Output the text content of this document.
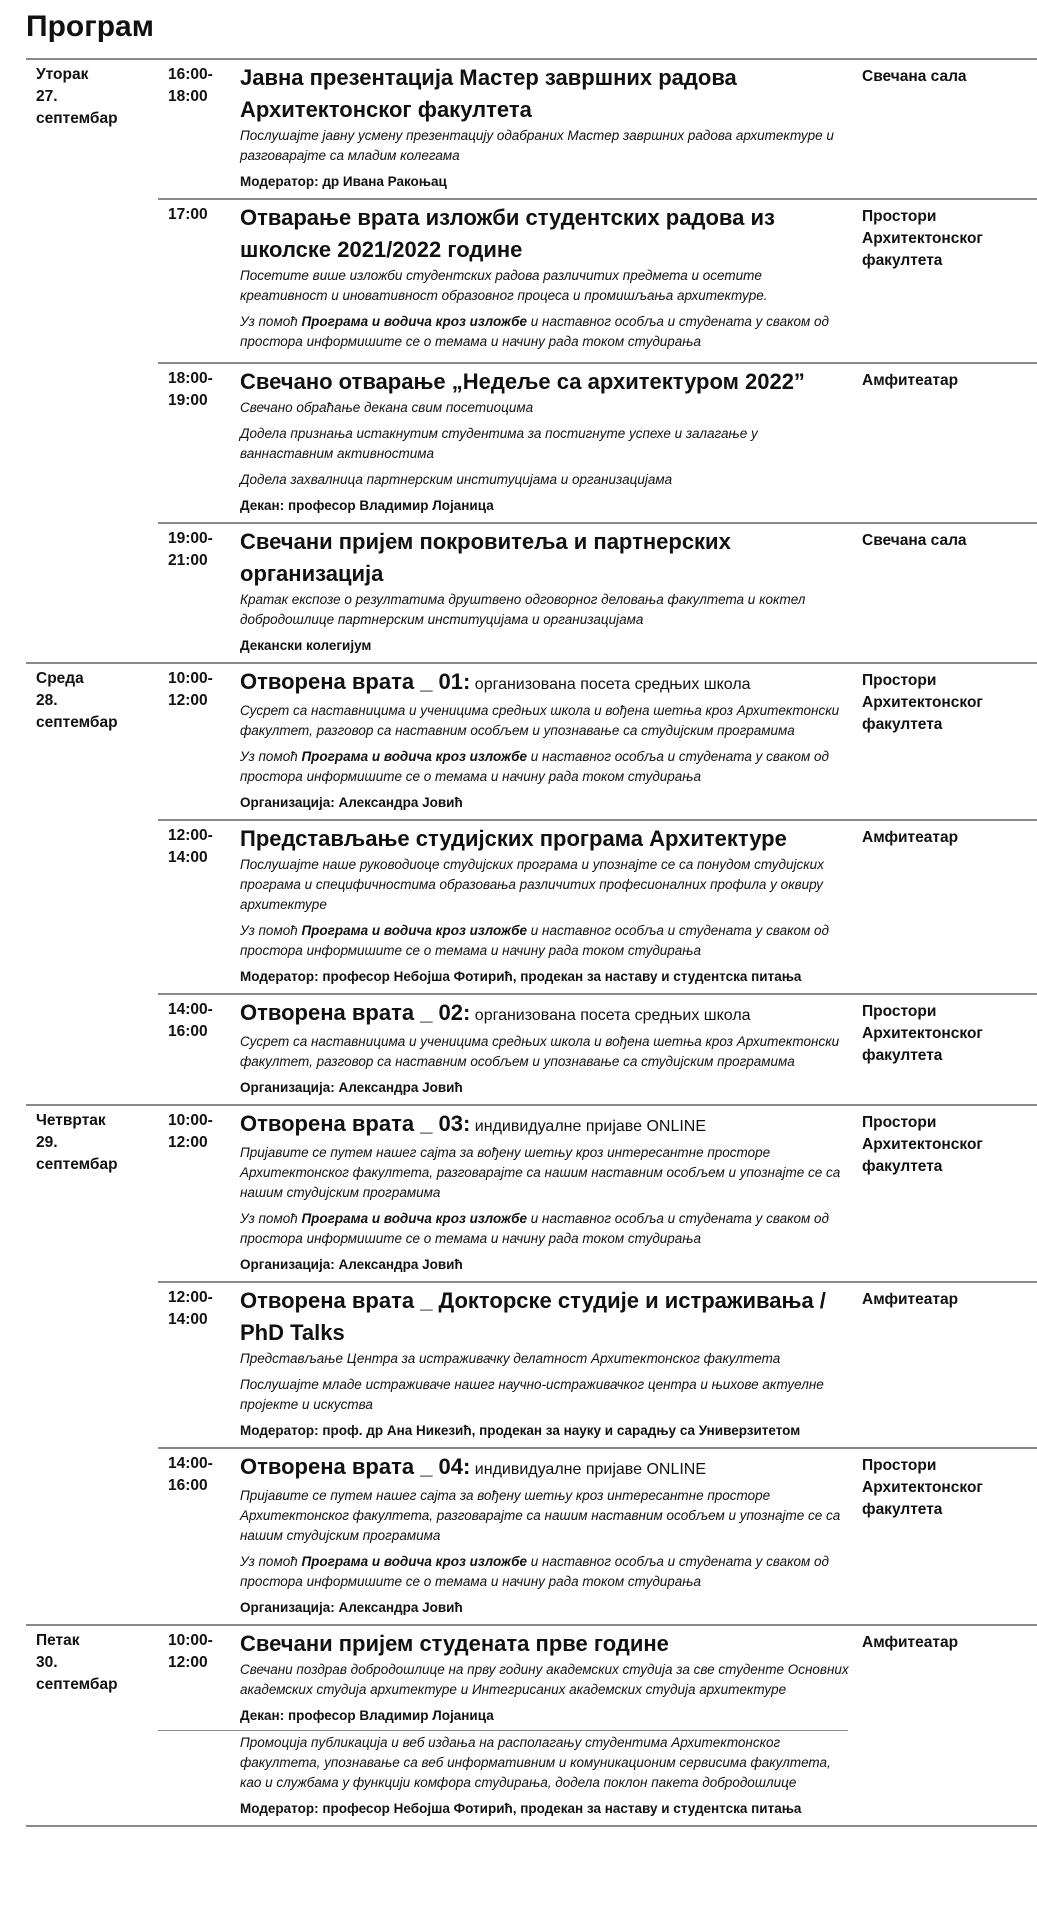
Програм
Уторак
27.
септембар
16:00-
18:00
Јавна презентација Мастер завршних радова Архитектонског факултета

Послушајте јавну усмену презентацију одабраних Мастер завршних радова архитектуре и разговарајте са младим колегама

Модератор: др Ивана Ракоњац

Свечана сала
17:00	Отварање врата изложби студентских радова из школске 2021/2022 године

Посетите више изложби студентских радова различитих предмета и осетите креативност и иновативност образовног процеса и промишљања архитектуре.

Уз помоћ Програма и водича кроз изложбе и наставног особља и студената у сваком од простора информишите се о темама и начину рада током студирања

Простори Архитектонског факултета
18:00-
19:00
Свечано отварање „Недеље са архитектуром 2022”

Свечано обраћање декана свим посетиоцима

Додела признања истакнутим студентима за постигнуте успехе и залагање у ваннаставним активностима

Додела захвалница партнерским институцијама и организацијама

Декан: професор Владимир Лојаница

Амфитеатар
19:00-
21:00
Свечани пријем покровитеља и партнерских организација

Кратак експозе о резултатима друштвено одговорног деловања факултета и коктел добродошлице партнерским институцијама и организацијама

Декански колегијум

Свечана сала
Среда
28.
септембар
10:00-
12:00
Отворена врата _ 01: организована посета средњих школа

Сусрет са наставницима и ученицима средњих школа и вођена шетња кроз Архитектонски факултет, разговор са наставним особљем и упознавање са студијским програмима

Уз помоћ Програма и водича кроз изложбе и наставног особља и студената у сваком од простора информишите се о темама и начину рада током студирања

Организација: Александра Јовић

Простори Архитектонског факултета
12:00-
14:00
Представљање студијских програма Архитектуре

Послушајте наше руководиоце студијских програма и упознајте се са понудом студијских програма и специфичностима образовања различитих професионалних профила у оквиру архитектуре

Уз помоћ Програма и водича кроз изложбе и наставног особља и студената у сваком од простора информишите се о темама и начину рада током студирања

Модератор: професор Небојша Фотирић, продекан за наставу и студентска питања

Амфитеатар
14:00-
16:00
Отворена врата _ 02: организована посета средњих школа

Сусрет са наставницима и ученицима средњих школа и вођена шетња кроз Архитектонски факултет, разговор са наставним особљем и упознавање са студијским програмима

Организација: Александра Јовић

Простори Архитектонског факултета
Четвртак
29.
септембар
10:00-
12:00
Отворена врата _ 03: индивидуалне пријаве ONLINE

Пријавите се путем нашег сајта за вођену шетњу кроз интересантне просторе Архитектонског факултета, разговарајте са нашим наставним особљем и упознајте се са нашим студијским програмима

Уз помоћ Програма и водича кроз изложбе и наставног особља и студената у сваком од простора информишите се о темама и начину рада током студирања

Организација: Александра Јовић

Простори Архитектонског факултета
12:00-
14:00
Отворена врата _ Докторске студије и истраживања / PhD Talks

Представљање Центра за истраживачку делатност Архитектонског факултета

Послушајте младе истраживаче нашег научно-истраживачког центра и њихове актуелне пројекте и искуства

Модератор: проф. др Ана Никезић, продекан за науку и сарадњу са Универзитетом

Амфитеатар
14:00-
16:00
Отворена врата _ 04: индивидуалне пријаве ONLINE

Пријавите се путем нашег сајта за вођену шетњу кроз интересантне просторе Архитектонског факултета, разговарајте са нашим наставним особљем и упознајте се са нашим студијским програмима

Уз помоћ Програма и водича кроз изложбе и наставног особља и студената у сваком од простора информишите се о темама и начину рада током студирања

Организација: Александра Јовић

Простори Архитектонског факултета
Петак
30.
септембар
10:00-
12:00
Свечани пријем студената прве године

Свечани поздрав добродошлице на прву годину академских студија за све студенте Основних академских студија архитектуре и Интегрисаних академских студија архитектуре

Декан: професор Владимир Лојаница

Промоција публикација и веб издања на располагању студентима Архитектонског факултета, упознавање са веб информативним и комуникационим сервисима факултета, као и службама у функцији комфора студирања, додела поклон пакета добродошлице

Модератор: професор Небојша Фотирић, продекан за наставу и студентска питања

Амфитеатар
